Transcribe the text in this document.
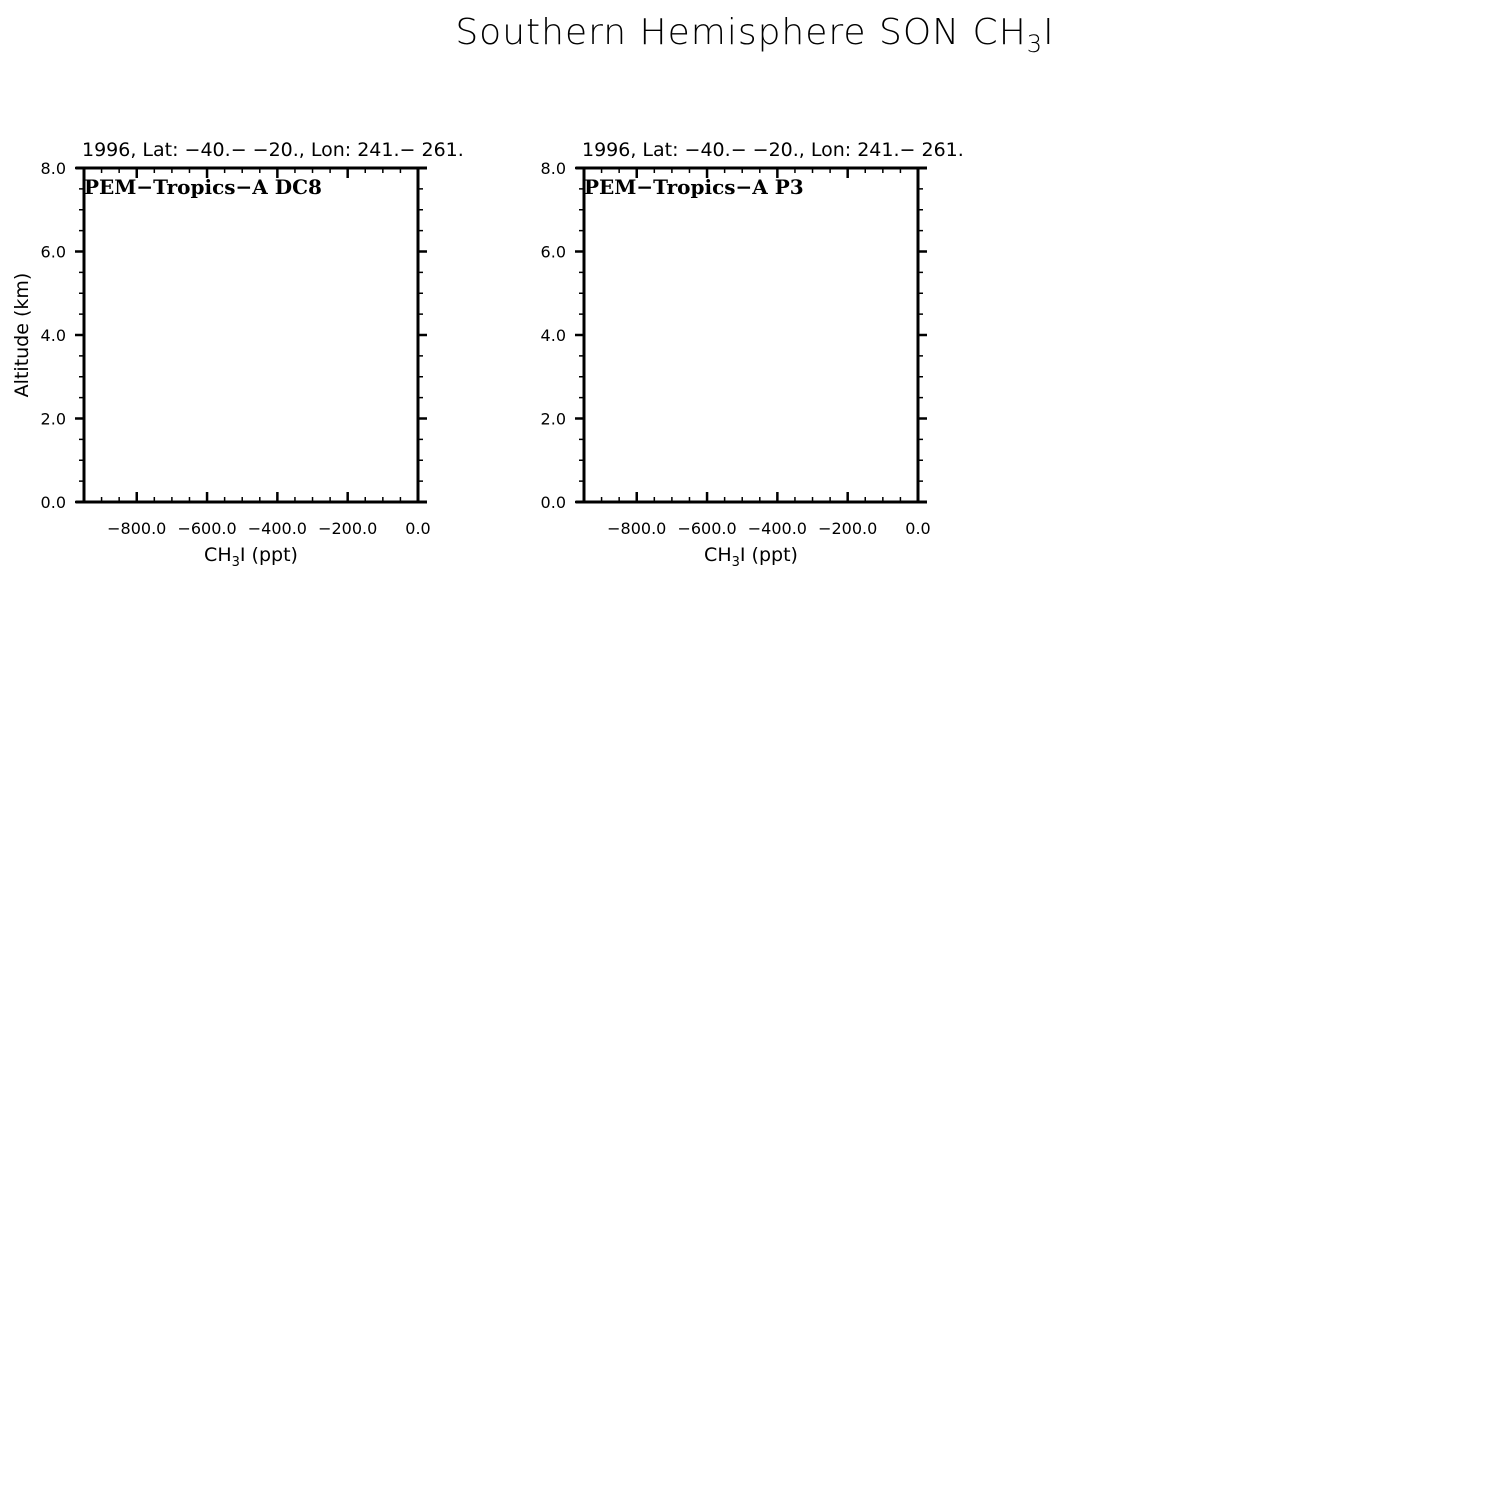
Southern Hemisphere SON $CH_3I$
1996, Lat: −40.− −20., Lon: 241.− 261.
Altitude (km)
−800.0 −600.0 −400.0 −200.0 0.0
0.0
2.0
4.0
6.0
8.0
PEM−Tropics−A DC8
$CH_3I$ (ppt)
1996, Lat: −40.− −20., Lon: 241.− 261.
−800.0 −600.0 −400.0 −200.0 0.0
0.0
2.0
4.0
6.0
8.0
PEM−Tropics−A P3
$CH_3I$ (ppt)
